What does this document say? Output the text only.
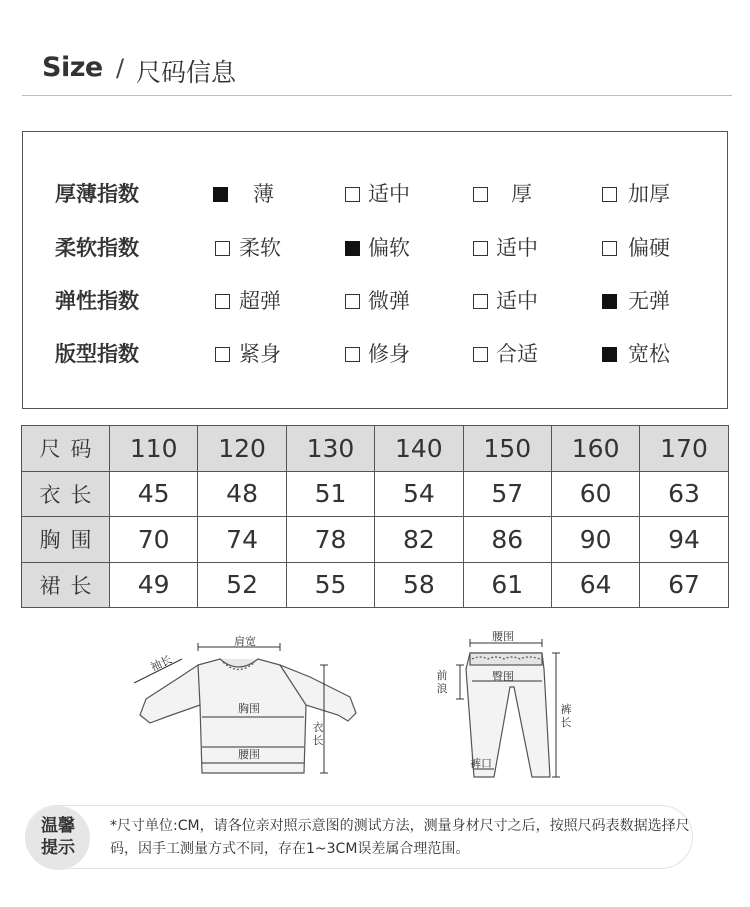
Size / 尺码信息
厚薄指数	薄	适中	厚	加厚
柔软指数	柔软	偏软	适中	偏硬
弹性指数	超弹	微弹	适中	无弹
版型指数	紧身	修身	合适	宽松
尺码	110	120	130	140	150	160	170
衣长	45	48	51	54	57	60	63
胸围	70	74	78	82	86	90	94
裙长	49	52	55	58	61	64	67
袖长
肩宽
胸围
腰围
衣长
腰围
臀围
前浪
裤长
裤口
温馨提示
*尺寸单位:CM，请各位亲对照示意图的测试方法，测量身材尺寸之后，按照尺码表数据选择尺码，因手工测量方式不同，存在1~3CM误差属合理范围。
